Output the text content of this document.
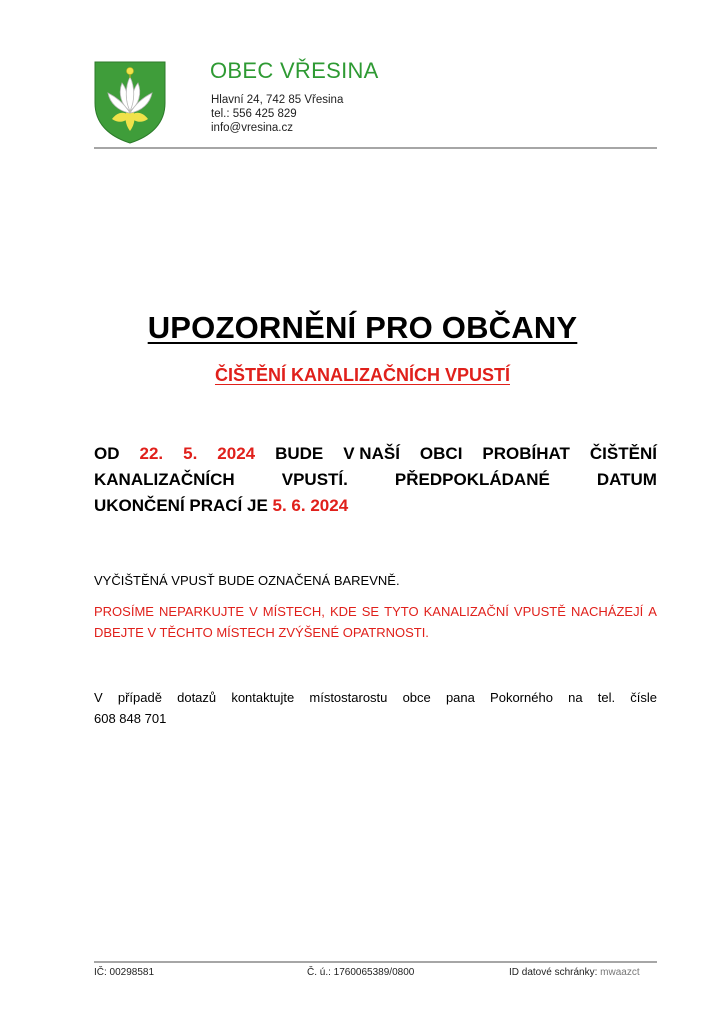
OBEC VŘESINA
Hlavní 24, 742 85 Vřesina
tel.: 556 425 829
info@vresina.cz
UPOZORNĚNÍ PRO OBČANY
ČIŠTĚNÍ KANALIZAČNÍCH VPUSTÍ
OD 22. 5. 2024 BUDE V NAŠÍ OBCI PROBÍHAT ČIŠTĚNÍ
KANALIZAČNÍCH	VPUSTÍ.	PŘEDPOKLÁDANÉ	DATUM
UKONČENÍ PRACÍ JE 5. 6. 2024
VYČIŠTĚNÁ VPUSŤ BUDE OZNAČENÁ BAREVNĚ.
PROSÍME NEPARKUJTE V MÍSTECH, KDE SE TYTO KANALIZAČNÍ VPUSTĚ NACHÁZEJÍ A
DBEJTE V TĚCHTO MÍSTECH ZVÝŠENÉ OPATRNOSTI.
V případě dotazů kontaktujte místostarostu obce pana Pokorného na tel. čísle
608 848 701
IČ: 00298581	Č. ú.: 1760065389/0800	ID datové schránky: mwaazct
